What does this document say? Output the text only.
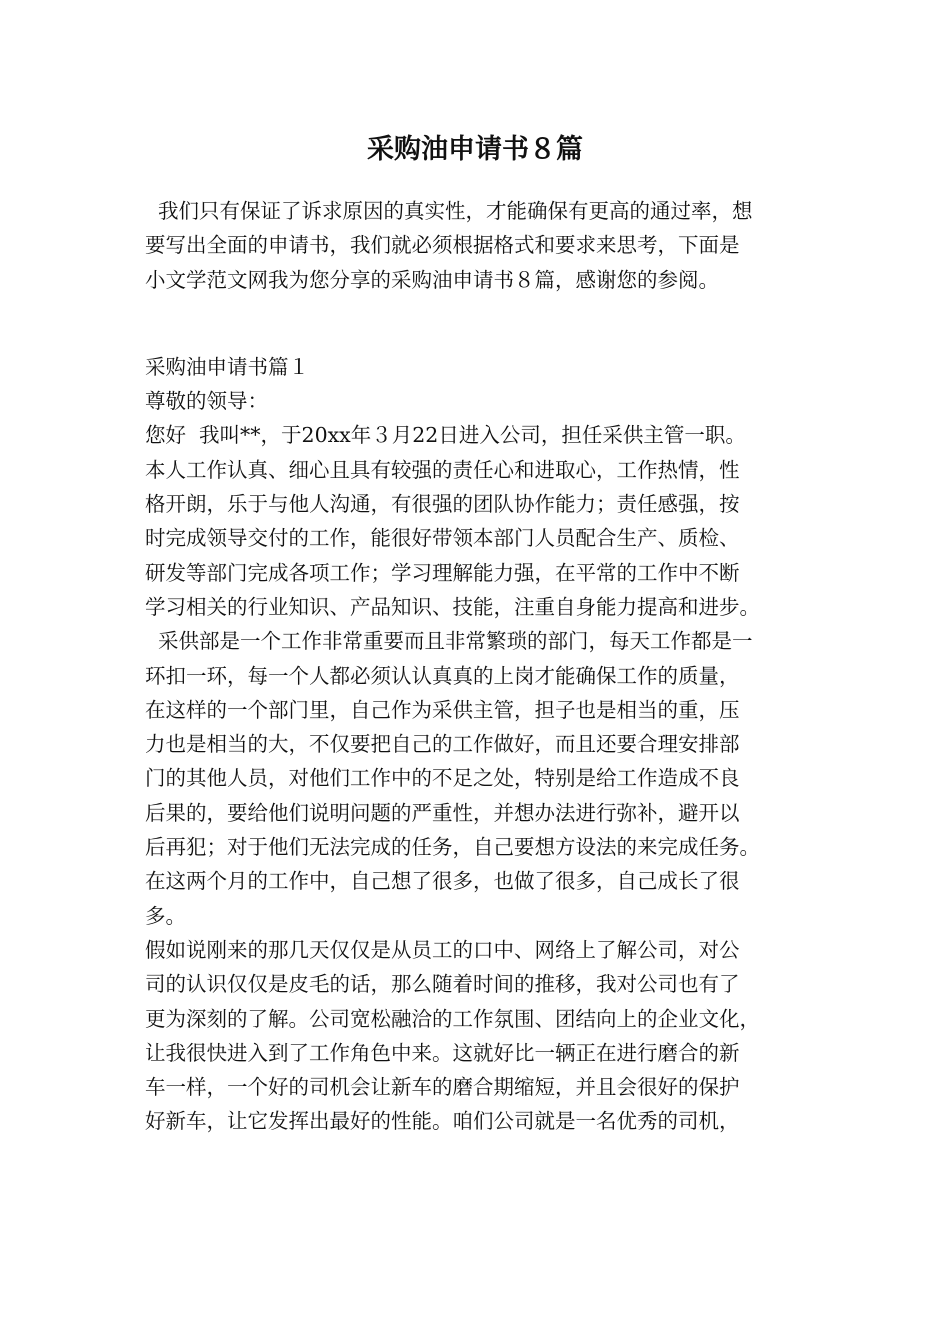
采购油申请书８篇

我们只有保证了诉求原因的真实性，才能确保有更高的通过率，想

要写出全面的申请书，我们就必须根据格式和要求来思考，下面是

小文学范文网我为您分享的采购油申请书８篇，感谢您的参阅。

采购油申请书篇１

尊敬的领导：

您好  我叫**，于20xx年３月22日进入公司，担任采供主管一职。

本人工作认真、细心且具有较强的责任心和进取心，工作热情，性

格开朗，乐于与他人沟通，有很强的团队协作能力；责任感强，按

时完成领导交付的工作，能很好带领本部门人员配合生产、质检、

研发等部门完成各项工作；学习理解能力强，在平常的工作中不断

学习相关的行业知识、产品知识、技能，注重自身能力提高和进步。

采供部是一个工作非常重要而且非常繁琐的部门，每天工作都是一

环扣一环，每一个人都必须认认真真的上岗才能确保工作的质量，

在这样的一个部门里，自己作为采供主管，担子也是相当的重，压

力也是相当的大，不仅要把自己的工作做好，而且还要合理安排部

门的其他人员，对他们工作中的不足之处，特别是给工作造成不良

后果的，要给他们说明问题的严重性，并想办法进行弥补，避开以

后再犯；对于他们无法完成的任务，自己要想方设法的来完成任务。

在这两个月的工作中，自己想了很多，也做了很多，自己成长了很

多。

假如说刚来的那几天仅仅是从员工的口中、网络上了解公司，对公

司的认识仅仅是皮毛的话，那么随着时间的推移，我对公司也有了

更为深刻的了解。公司宽松融洽的工作氛围、团结向上的企业文化，

让我很快进入到了工作角色中来。这就好比一辆正在进行磨合的新

车一样，一个好的司机会让新车的磨合期缩短，并且会很好的保护

好新车，让它发挥出最好的性能。咱们公司就是一名优秀的司机，
